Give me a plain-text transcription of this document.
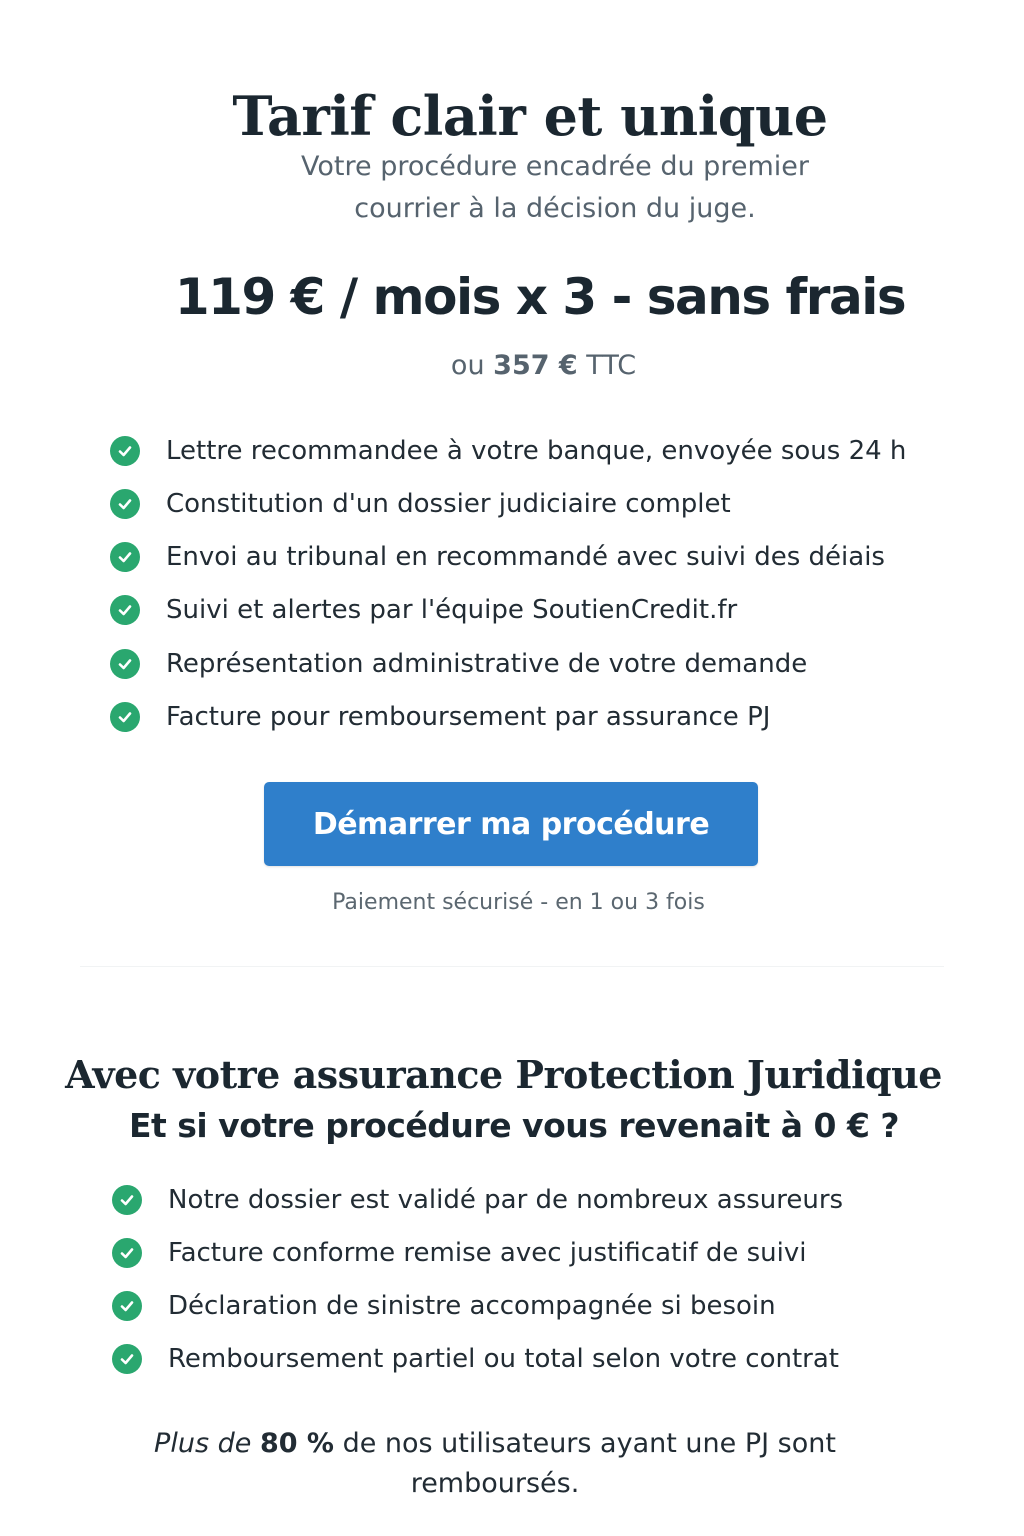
Tarif clair et unique
Votre procédure encadrée du premier courrier à la décision du juge.
119 € / mois x 3 - sans frais
ou 357 € TTC
Lettre recommandee à votre banque, envoyée sous 24 h
Constitution d'un dossier judiciaire complet
Envoi au tribunal en recommandé avec suivi des déiais
Suivi et alertes par l'équipe SoutienCredit.fr
Représentation administrative de votre demande
Facture pour remboursement par assurance PJ
Démarrer ma procédure
Paiement sécurisé - en 1 ou 3 fois
Avec votre assurance Protection Juridique
Et si votre procédure vous revenait à 0 € ?
Notre dossier est validé par de nombreux assureurs
Facture conforme remise avec justificatif de suivi
Déclaration de sinistre accompagnée si besoin
Remboursement partiel ou total selon votre contrat
Plus de 80 % de nos utilisateurs ayant une PJ sont remboursés.
